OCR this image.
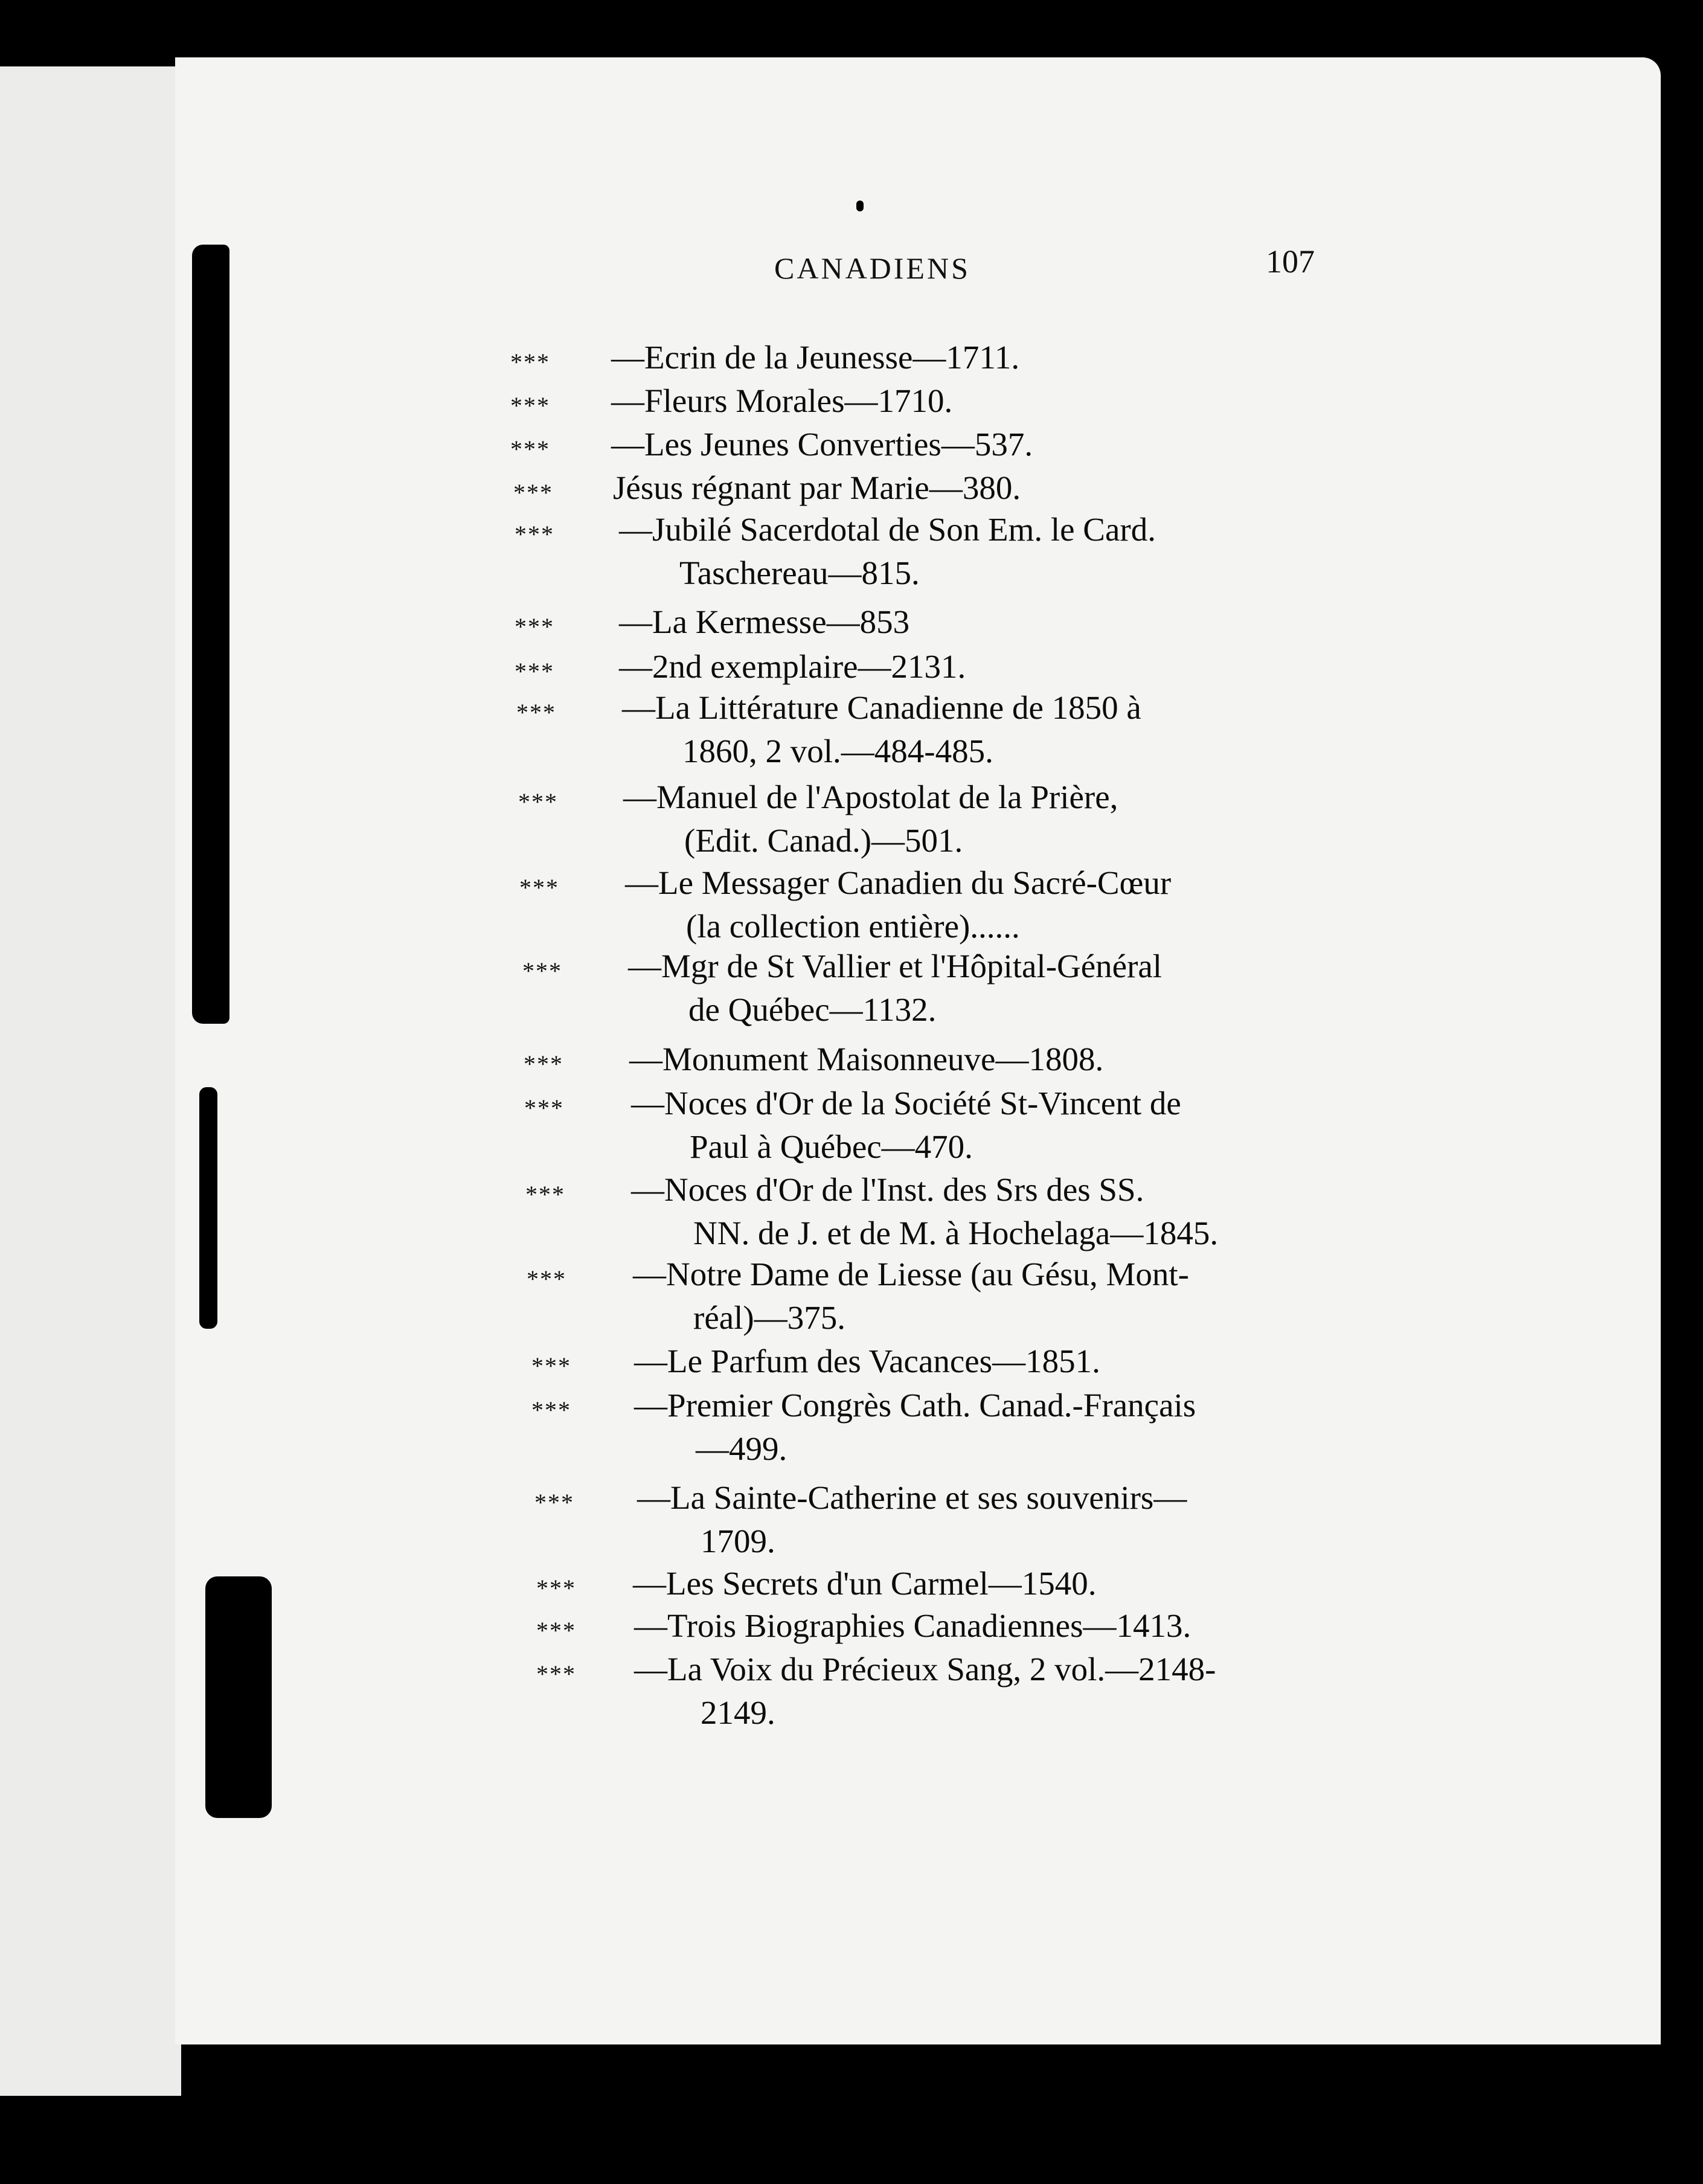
CANADIENS	107
*** —Ecrin de la Jeunesse—1711.
*** —Fleurs Morales—1710.
*** —Les Jeunes Converties—537.
*** Jésus régnant par Marie—380.
*** —Jubilé Sacerdotal de Son Em. le Card.
Taschereau—815.
*** —La Kermesse—853
*** —2nd exemplaire—2131.
*** —La Littérature Canadienne de 1850 à
1860, 2 vol.—484-485.
*** —Manuel de l'Apostolat de la Prière,
(Edit. Canad.)—501.
*** —Le Messager Canadien du Sacré-Cœur
(la collection entière)......
*** —Mgr de St Vallier et l'Hôpital-Général
de Québec—1132.
*** —Monument Maisonneuve—1808.
*** —Noces d'Or de la Société St-Vincent de
Paul à Québec—470.
*** —Noces d'Or de l'Inst. des Srs des SS.
NN. de J. et de M. à Hochelaga—1845.
*** —Notre Dame de Liesse (au Gésu, Mont-
réal)—375.
*** —Le Parfum des Vacances—1851.
*** —Premier Congrès Cath. Canad.-Français
—499.
*** —La Sainte-Catherine et ses souvenirs—
1709.
*** —Les Secrets d'un Carmel—1540.
*** —Trois Biographies Canadiennes—1413.
*** —La Voix du Précieux Sang, 2 vol.—2148-
2149.
